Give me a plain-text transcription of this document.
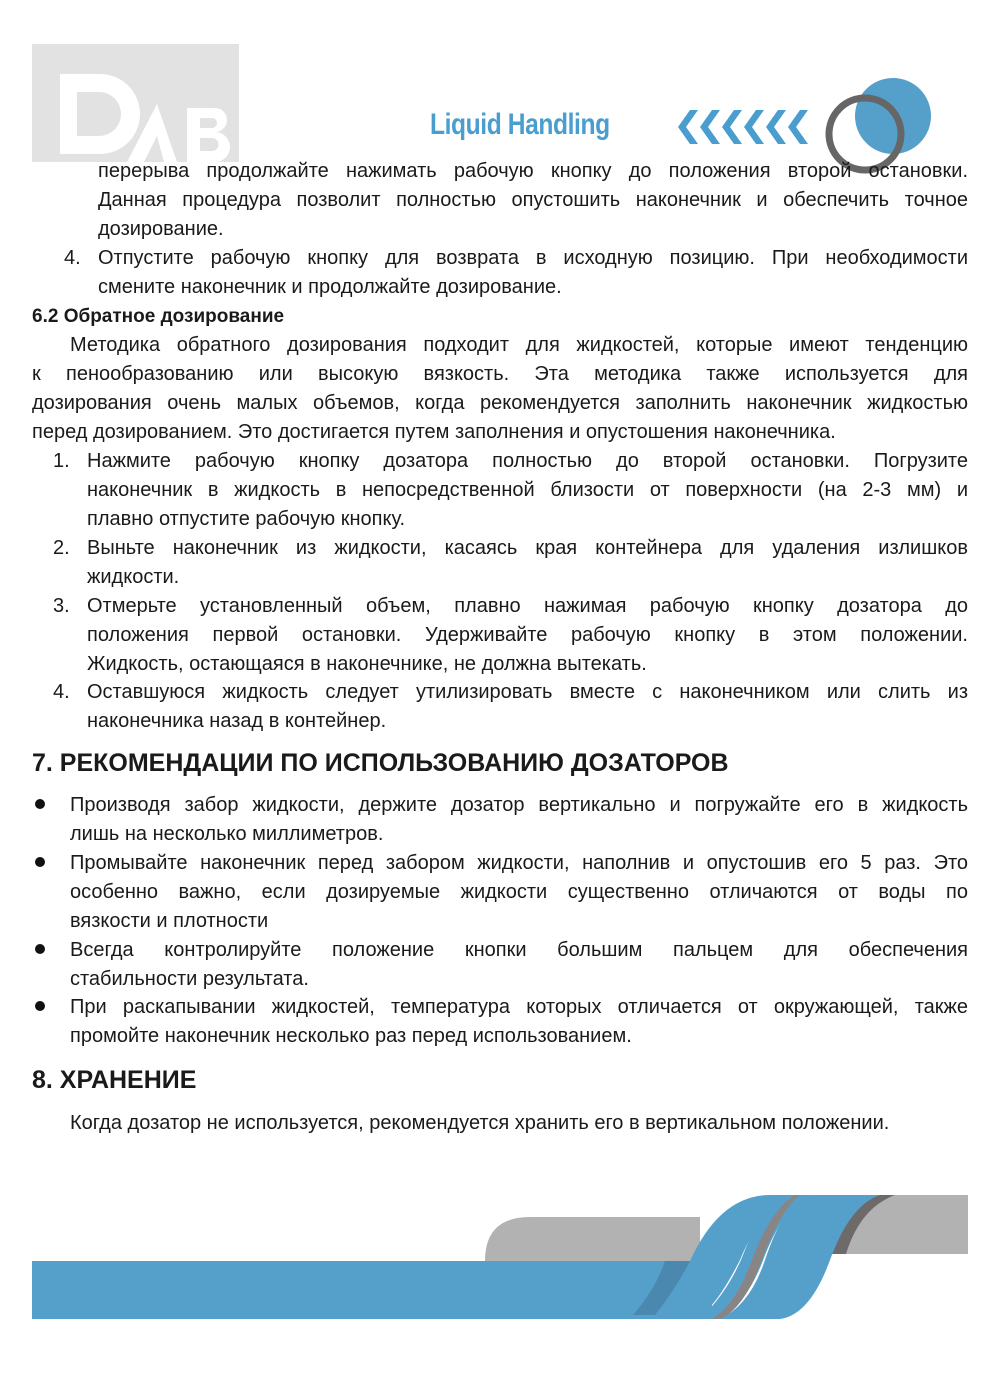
Liquid Handling
перерыва продолжайте нажимать рабочую кнопку до положения второй остановки.
Данная процедура позволит полностью опустошить наконечник и обеспечить точное
дозирование.
4. Отпустите рабочую кнопку для возврата в исходную позицию. При необходимости
смените наконечник и продолжайте дозирование.
6.2 Обратное дозирование
Методика обратного дозирования подходит для жидкостей, которые имеют тенденцию
к пенообразованию или высокую вязкость. Эта методика также используется для
дозирования очень малых объемов, когда рекомендуется заполнить наконечник жидкостью
перед дозированием. Это достигается путем заполнения и опустошения наконечника.
1. Нажмите рабочую кнопку дозатора полностью до второй остановки. Погрузите
наконечник в жидкость в непосредственной близости от поверхности (на 2-3 мм) и
плавно отпустите рабочую кнопку.
2. Выньте наконечник из жидкости, касаясь края контейнера для удаления излишков
жидкости.
3. Отмерьте установленный объем, плавно нажимая рабочую кнопку дозатора до
положения первой остановки. Удерживайте рабочую кнопку в этом положении.
Жидкость, остающаяся в наконечнике, не должна вытекать.
4. Оставшуюся жидкость следует утилизировать вместе с наконечником или слить из
наконечника назад в контейнер.
7. РЕКОМЕНДАЦИИ ПО ИСПОЛЬЗОВАНИЮ ДОЗАТОРОВ
Производя забор жидкости, держите дозатор вертикально и погружайте его в жидкость
лишь на несколько миллиметров.
Промывайте наконечник перед забором жидкости, наполнив и опустошив его 5 раз. Это
особенно важно, если дозируемые жидкости существенно отличаются от воды по
вязкости и плотности
Всегда контролируйте положение кнопки большим пальцем для обеспечения
стабильности результата.
При раскапывании жидкостей, температура которых отличается от окружающей, также
промойте наконечник несколько раз перед использованием.
8. ХРАНЕНИЕ
Когда дозатор не используется, рекомендуется хранить его в вертикальном положении.
